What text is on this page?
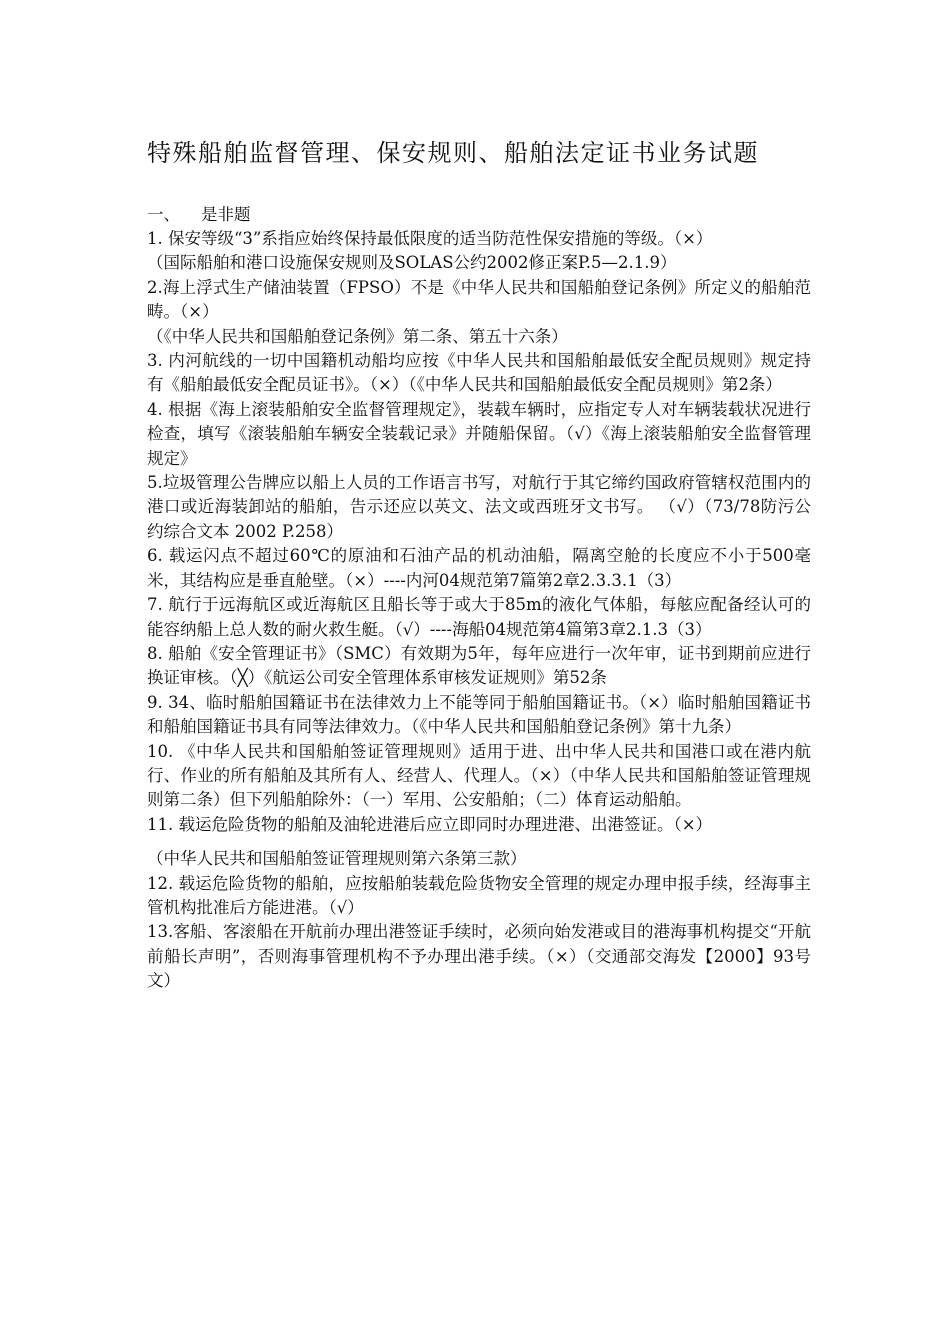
特殊船舶监督管理、保安规则、船舶法定证书业务试题
一、    是非题

1. 保安等级“3”系指应始终保持最低限度的适当防范性保安措施的等级。（×）

（国际船舶和港口设施保安规则及SOLAS公约2002修正案P.5—2.1.9）

2.海上浮式生产储油装置（FPSO）不是《中华人民共和国船舶登记条例》所定义的船舶范畴。（×）

（《中华人民共和国船舶登记条例》第二条、第五十六条）

3. 内河航线的一切中国籍机动船均应按《中华人民共和国船舶最低安全配员规则》规定持有《船舶最低安全配员证书》。（×）（《中华人民共和国船舶最低安全配员规则》第2条）

4. 根据《海上滚装船舶安全监督管理规定》，装载车辆时，应指定专人对车辆装载状况进行检查，填写《滚装船舶车辆安全装载记录》并随船保留。（√）《海上滚装船舶安全监督管理规定》

5.垃圾管理公告牌应以船上人员的工作语言书写，对航行于其它缔约国政府管辖权范围内的港口或近海装卸站的船舶，告示还应以英文、法文或西班牙文书写。 （√）（73/78防污公约综合文本 2002 P.258）

6. 载运闪点不超过60℃的原油和石油产品的机动油船，隔离空舱的长度应不小于500毫米，其结构应是垂直舱壁。（×）----内河04规范第7篇第2章2.3.3.1（3）

7. 航行于远海航区或近海航区且船长等于或大于85m的液化气体船，每舷应配备经认可的能容纳船上总人数的耐火救生艇。（√）----海船04规范第4篇第3章2.1.3（3）

8. 船舶《安全管理证书》（SMC）有效期为5年，每年应进行一次年审，证书到期前应进行换证审核。（╳）《航运公司安全管理体系审核发证规则》第52条

9. 34、临时船舶国籍证书在法律效力上不能等同于船舶国籍证书。（×）临时船舶国籍证书和船舶国籍证书具有同等法律效力。（《中华人民共和国船舶登记条例》第十九条）

10. 《中华人民共和国船舶签证管理规则》适用于进、出中华人民共和国港口或在港内航行、作业的所有船舶及其所有人、经营人、代理人。（×）（中华人民共和国船舶签证管理规则第二条）但下列船舶除外：（一）军用、公安船舶；（二）体育运动船舶。

11. 载运危险货物的船舶及油轮进港后应立即同时办理进港、出港签证。（×）

（中华人民共和国船舶签证管理规则第六条第三款）

12. 载运危险货物的船舶，应按船舶装载危险货物安全管理的规定办理申报手续，经海事主管机构批准后方能进港。（√）

13.客船、客滚船在开航前办理出港签证手续时，必须向始发港或目的港海事机构提交“开航前船长声明”，否则海事管理机构不予办理出港手续。（×）（交通部交海发【2000】93号文）
